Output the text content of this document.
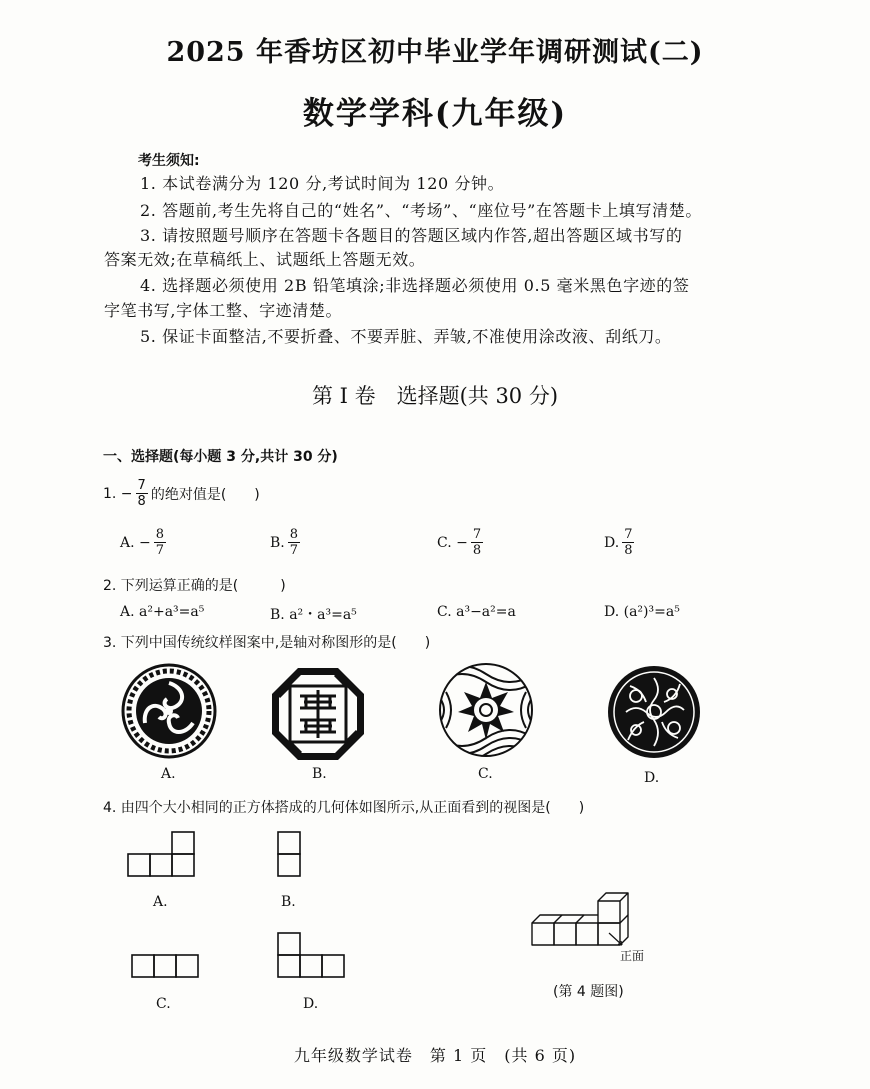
2025 年香坊区初中毕业学年调研测试(二)
数学学科(九年级)
考生须知:
1. 本试卷满分为 120 分,考试时间为 120 分钟。
2. 答题前,考生先将自己的“姓名”、“考场”、“座位号”在答题卡上填写清楚。
3. 请按照题号顺序在答题卡各题目的答题区域内作答,超出答题区域书写的
答案无效;在草稿纸上、试题纸上答题无效。
4. 选择题必须使用 2B 铅笔填涂;非选择题必须使用 0.5 毫米黑色字迹的签
字笔书写,字体工整、字迹清楚。
5. 保证卡面整洁,不要折叠、不要弄脏、弄皱,不准使用涂改液、刮纸刀。
第 I 卷　选择题(共 30 分)
一、选择题(每小题 3 分,共计 30 分)
1. − $\frac{7}{8}$ 的绝对值是(　　)
A. − $\frac{8}{7}$	B. $\frac{8}{7}$	C. − $\frac{7}{8}$	D. $\frac{7}{8}$
2. 下列运算正确的是(　　　)
A. a²+a³=a⁵	B. a²・a³=a⁵	C. a³−a²=a	D. (a²)³=a⁵
3. 下列中国传统纹样图案中,是轴对称图形的是(　　)
A.	B.	C.	D.
4. 由四个大小相同的正方体搭成的几何体如图所示,从正面看到的视图是(　　)
A.	B.
C.	D.
正面
(第 4 题图)
九年级数学试卷　第 1 页　(共 6 页)
